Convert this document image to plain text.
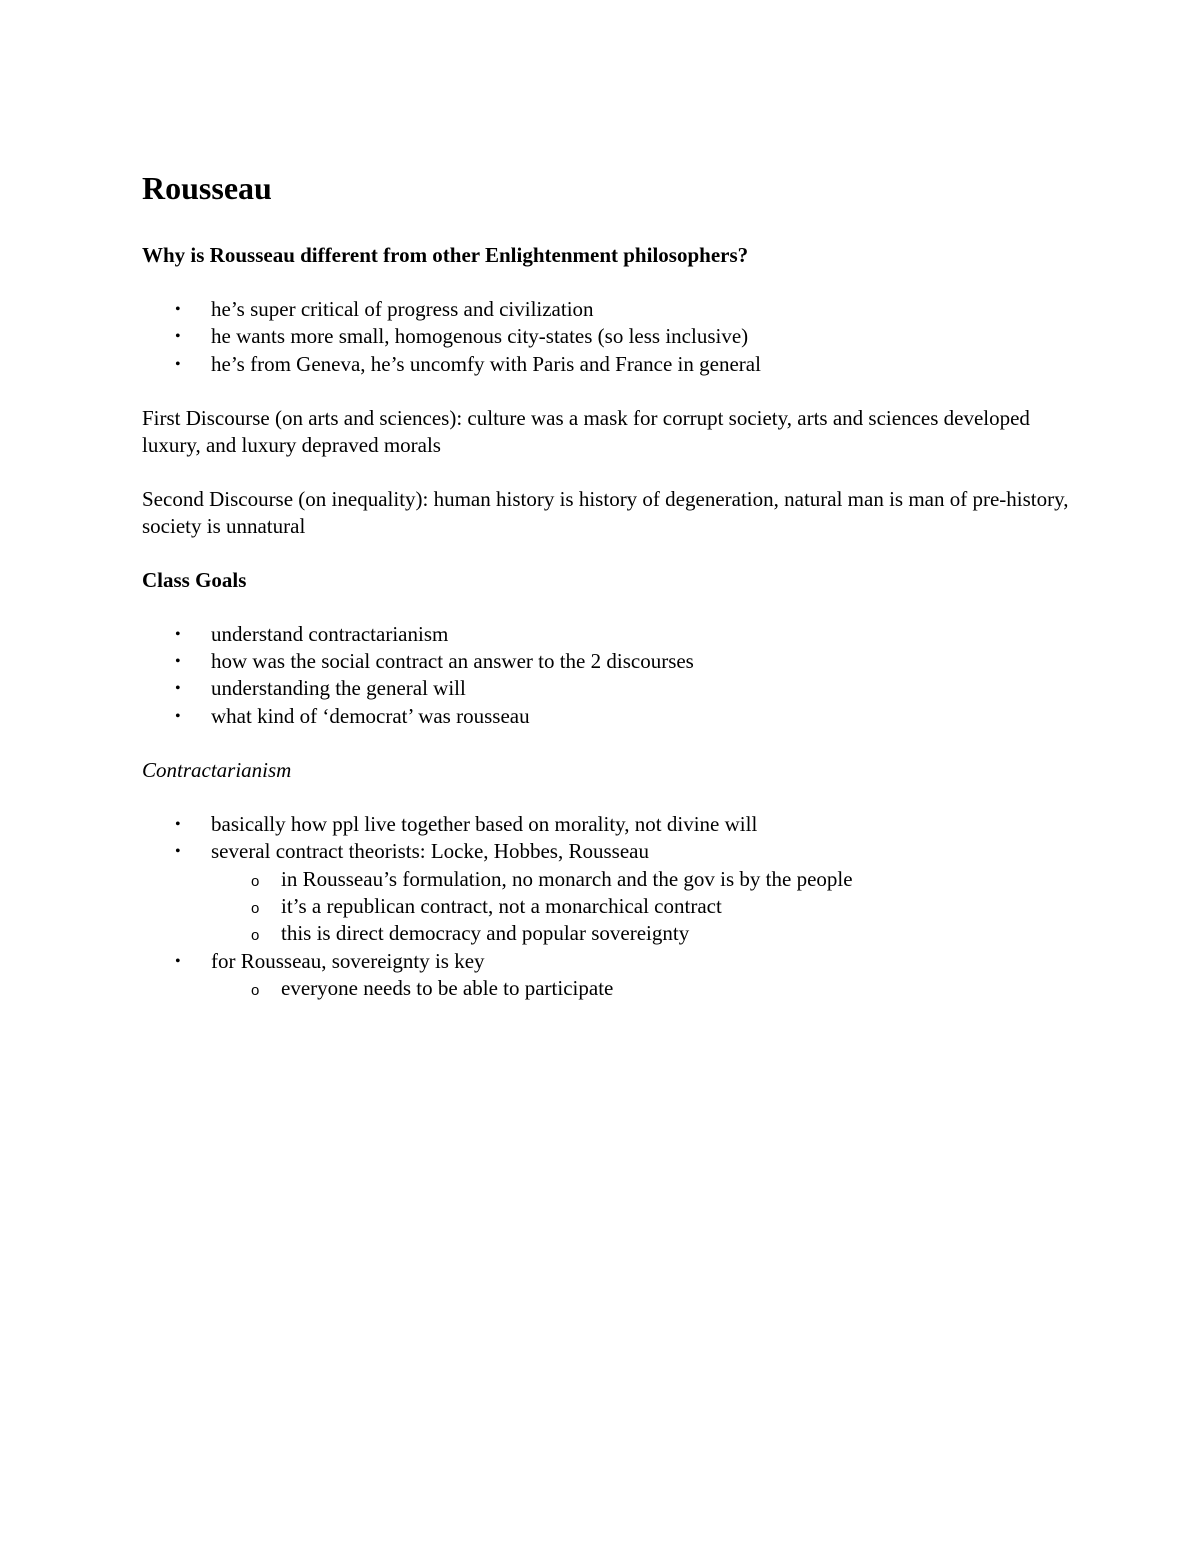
Rousseau

Why is Rousseau different from other Enlightenment philosophers?

• he’s super critical of progress and civilization
• he wants more small, homogenous city-states (so less inclusive)
• he’s from Geneva, he’s uncomfy with Paris and France in general

First Discourse (on arts and sciences): culture was a mask for corrupt society, arts and sciences developed luxury, and luxury depraved morals

Second Discourse (on inequality): human history is history of degeneration, natural man is man of pre-history, society is unnatural

Class Goals

• understand contractarianism
• how was the social contract an answer to the 2 discourses
• understanding the general will
• what kind of ‘democrat’ was rousseau

Contractarianism

• basically how ppl live together based on morality, not divine will
• several contract theorists: Locke, Hobbes, Rousseau
o in Rousseau’s formulation, no monarch and the gov is by the people
o it’s a republican contract, not a monarchical contract
o this is direct democracy and popular sovereignty
• for Rousseau, sovereignty is key
o everyone needs to be able to participate
